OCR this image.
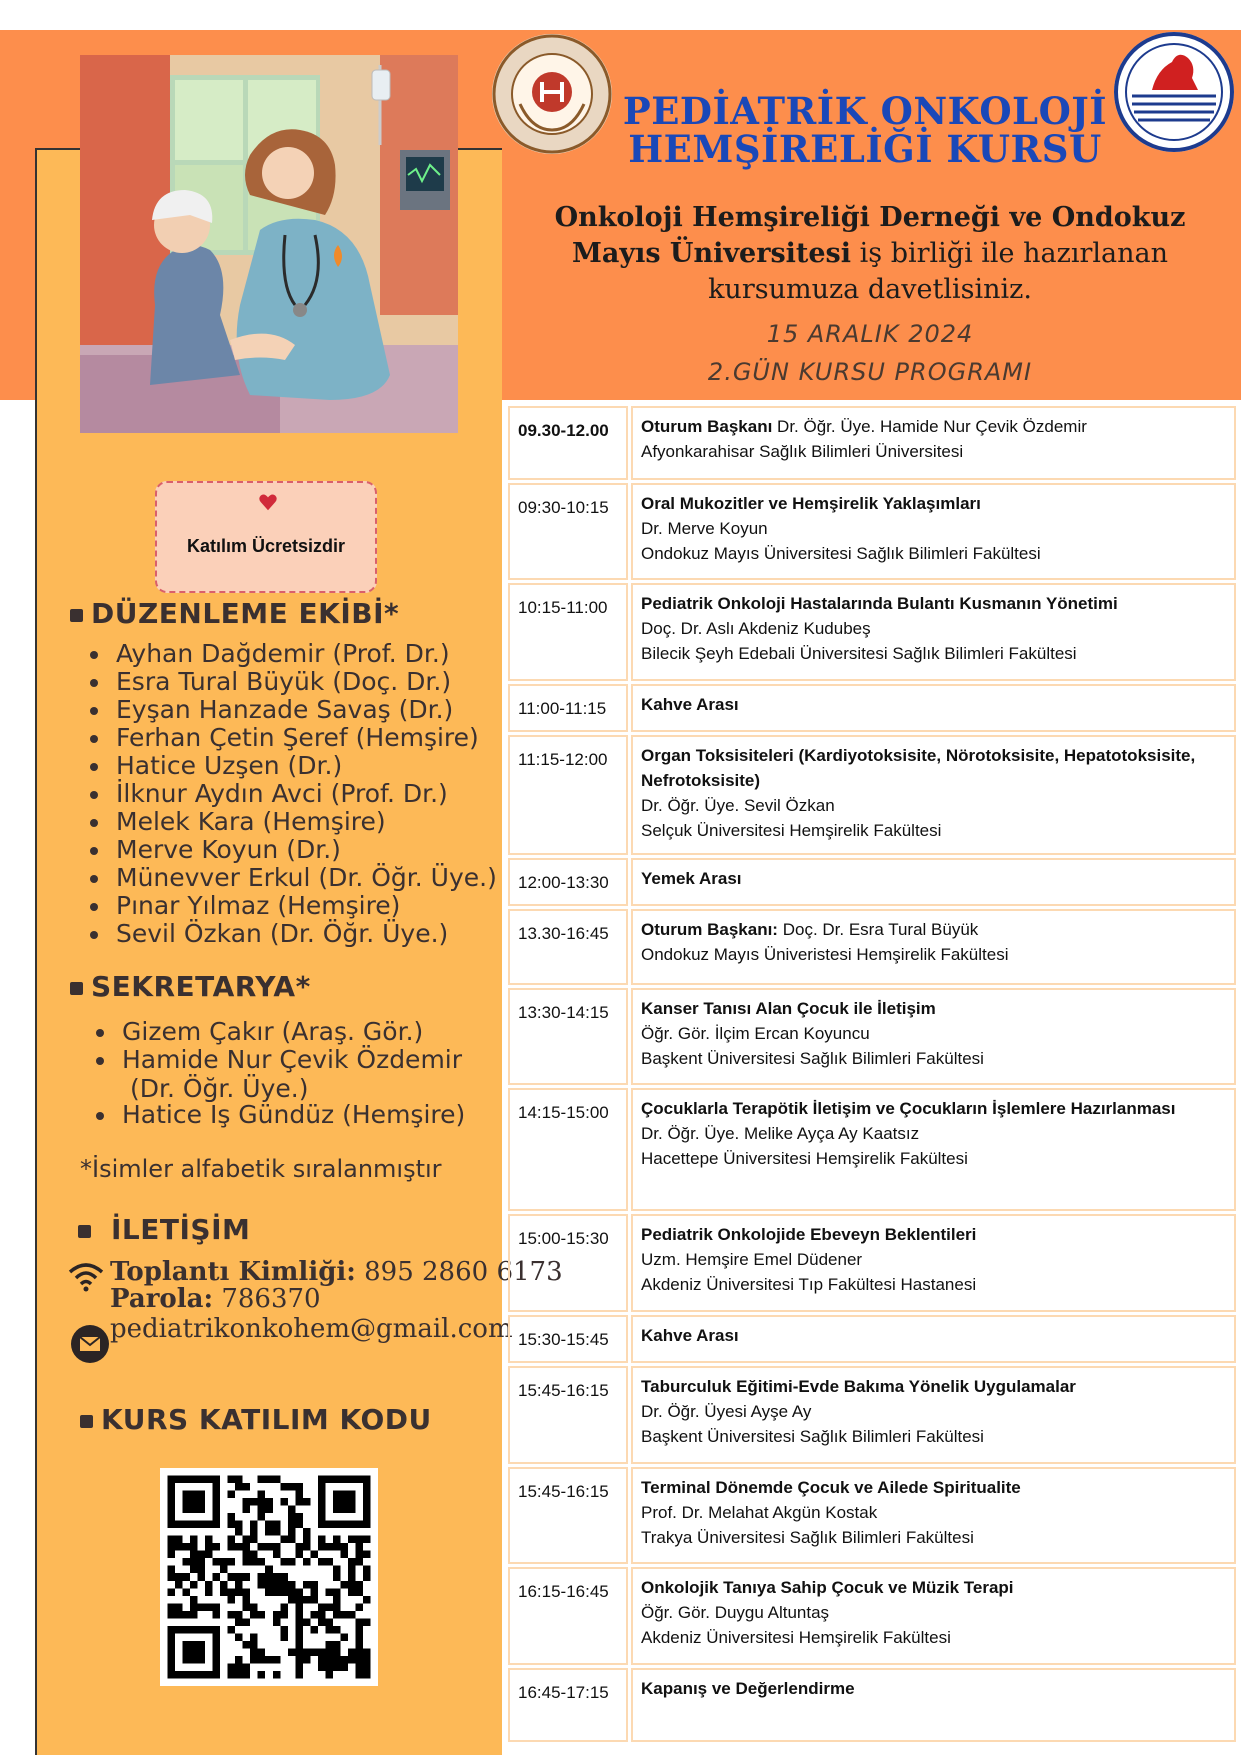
PEDİATRİK ONKOLOJİ
HEMŞİRELİĞİ KURSU
Onkoloji Hemşireliği Derneği ve Ondokuz Mayıs Üniversitesi iş birliği ile hazırlanan kursumuza davetlisiniz.
15 ARALIK 2024
2.GÜN KURSU PROGRAMI
Katılım Ücretsizdir
DÜZENLEME EKİBİ*
Ayhan Dağdemir (Prof. Dr.)
Esra Tural Büyük (Doç. Dr.)
Eyşan Hanzade Savaş (Dr.)
Ferhan Çetin Şeref (Hemşire)
Hatice Uzşen (Dr.)
İlknur Aydın Avci (Prof. Dr.)
Melek Kara (Hemşire)
Merve Koyun (Dr.)
Münevver Erkul (Dr. Öğr. Üye.)
Pınar Yılmaz (Hemşire)
Sevil Özkan (Dr. Öğr. Üye.)
SEKRETARYA*
Gizem Çakır (Araş. Gör.)
Hamide Nur Çevik Özdemir
(Dr. Öğr. Üye.)
Hatice Iş Gündüz (Hemşire)
*İsimler alfabetik sıralanmıştır
İLETİŞİM
Toplantı Kimliği: 895 2860 6173
Parola: 786370
pediatrikonkohem@gmail.com
KURS KATILIM KODU
09.30-12.00	Oturum Başkanı Dr. Öğr. Üye. Hamide Nur Çevik Özdemir
Afyonkarahisar Sağlık Bilimleri Üniversitesi

09:30-10:15	Oral Mukozitler ve Hemşirelik Yaklaşımları
Dr. Merve Koyun
Ondokuz Mayıs Üniversitesi Sağlık Bilimleri Fakültesi

10:15-11:00	Pediatrik Onkoloji Hastalarında Bulantı Kusmanın Yönetimi
Doç. Dr. Aslı Akdeniz Kudubeş
Bilecik Şeyh Edebali Üniversitesi Sağlık Bilimleri Fakültesi

11:00-11:15	Kahve Arası

11:15-12:00	Organ Toksisiteleri (Kardiyotoksisite, Nörotoksisite, Hepatotoksisite, Nefrotoksisite)
Dr. Öğr. Üye. Sevil Özkan
Selçuk Üniversitesi Hemşirelik Fakültesi

12:00-13:30	Yemek Arası

13.30-16:45	Oturum Başkanı: Doç. Dr. Esra Tural Büyük
Ondokuz Mayıs Üniveristesi Hemşirelik Fakültesi

13:30-14:15	Kanser Tanısı Alan Çocuk ile İletişim
Öğr. Gör. İlçim Ercan Koyuncu
Başkent Üniversitesi Sağlık Bilimleri Fakültesi

14:15-15:00	Çocuklarla Terapötik İletişim ve Çocukların İşlemlere Hazırlanması
Dr. Öğr. Üye. Melike Ayça Ay Kaatsız
Hacettepe Üniversitesi Hemşirelik Fakültesi

15:00-15:30	Pediatrik Onkolojide Ebeveyn Beklentileri
Uzm. Hemşire Emel Düdener
Akdeniz Üniversitesi Tıp Fakültesi Hastanesi

15:30-15:45	Kahve Arası

15:45-16:15	Taburculuk Eğitimi-Evde Bakıma Yönelik Uygulamalar
Dr. Öğr. Üyesi Ayşe Ay
Başkent Üniversitesi Sağlık Bilimleri Fakültesi

15:45-16:15	Terminal Dönemde Çocuk ve Ailede Spiritualite
Prof. Dr. Melahat Akgün Kostak
Trakya Üniversitesi Sağlık Bilimleri Fakültesi

16:15-16:45	Onkolojik Tanıya Sahip Çocuk ve Müzik Terapi
Öğr. Gör. Duygu Altuntaş
Akdeniz Üniversitesi Hemşirelik Fakültesi

16:45-17:15	Kapanış ve Değerlendirme
